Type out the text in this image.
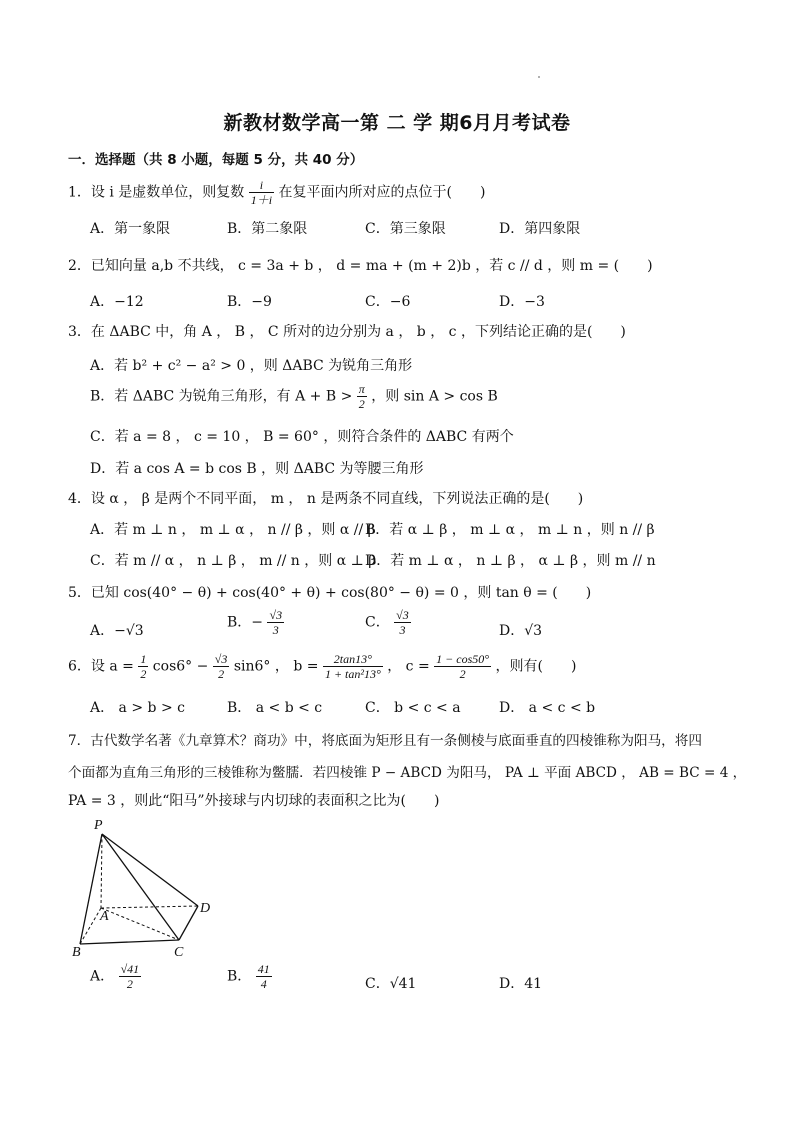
新教材数学高一第 二 学 期6月月考试卷
一．选择题（共 8 小题，每题 5 分，共 40 分）
1．设 i 是虚数单位，则复数 $\frac{i}{1+i}$ 在复平面内所对应的点位于(　　)
A．第一象限	B．第二象限	C．第三象限	D．第四象限
2．已知向量 a,b 不共线， c = 3a + b ， d = ma + (m + 2)b ，若 c // d ，则 m = (　　)
A．−12	B．−9	C．−6	D．−3
3．在 ΔABC 中，角 A ， B ， C 所对的边分别为 a ， b ， c ，下列结论正确的是(　　)
A．若 b² + c² − a² > 0 ，则 ΔABC 为锐角三角形
B．若 ΔABC 为锐角三角形，有 $A + B > \frac{\pi}{2}$ ，则 sin A > cos B
C．若 a = 8 ， c = 10 ， B = 60° ，则符合条件的 ΔABC 有两个
D．若 a cos A = b cos B ，则 ΔABC 为等腰三角形
4．设 α ， β 是两个不同平面， m ， n 是两条不同直线，下列说法正确的是(　　)
A．若 m ⊥ n ， m ⊥ α ， n // β ，则 α // β
B．若 α ⊥ β ， m ⊥ α ， m ⊥ n ，则 n // β
C．若 m // α ， n ⊥ β ， m // n ，则 α ⊥ β
D．若 m ⊥ α ， n ⊥ β ， α ⊥ β ，则 m // n
5．已知 cos(40° − θ) + cos(40° + θ) + cos(80° − θ) = 0 ，则 tan θ = (　　)
A．−√3
B．− $\frac{√3}{3}$	C． $\frac{√3}{3}$	D．√3
6．设 $a = \frac{1}{2} \cos 6^\circ - \frac{√3}{2} \sin 6^\circ$ ， $b = \frac{2\tan 13^\circ}{\text{1 + tan²13°}}$ ， $c = \frac{1 - \cos 50^\circ}{2}$ ，则有(　　)
A． a > b > c	B． a < b < c	C． b < c < a	D． a < c < b
7．古代数学名著《九章算术？商功》中，将底面为矩形且有一条侧棱与底面垂直的四棱锥称为阳马，将四
个面都为直角三角形的三棱锥称为鳖臑．若四棱锥 P − ABCD 为阳马， PA ⊥ 平面 ABCD ， AB = BC = 4 ，
PA = 3 ，则此“阳马”外接球与内切球的表面积之比为(　　)
P
A
B	C
D
A． $\frac{√41}{2}$	B． $\frac{41}{4}$	C．√41	D．41
